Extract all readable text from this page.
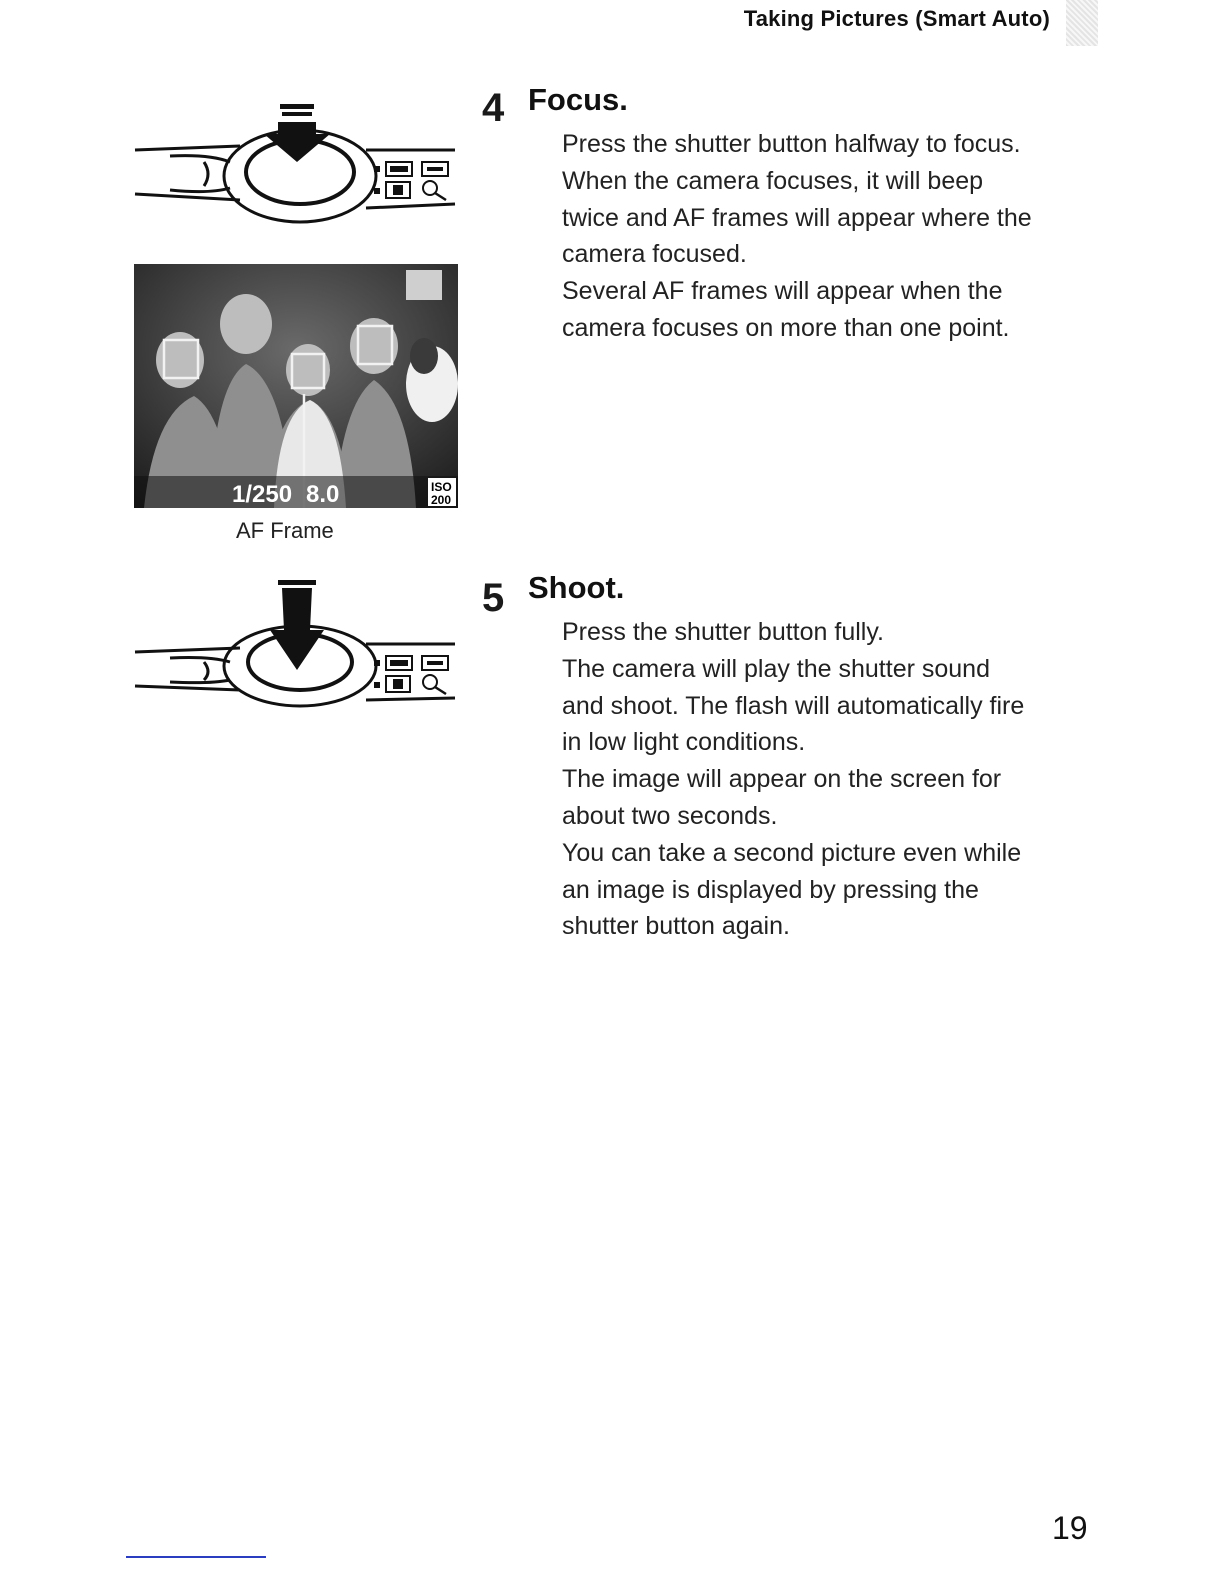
Taking Pictures (Smart Auto)
1/250 8.0	ISO
200
AF Frame
4 Focus.

Press the shutter button halfway to focus.

When the camera focuses, it will beep

twice and AF frames will appear where the

camera focused.

Several AF frames will appear when the

camera focuses on more than one point.

5 Shoot.

Press the shutter button fully.

The camera will play the shutter sound

and shoot. The flash will automatically fire

in low light conditions.

The image will appear on the screen for

about two seconds.

You can take a second picture even while

an image is displayed by pressing the

shutter button again.

19
